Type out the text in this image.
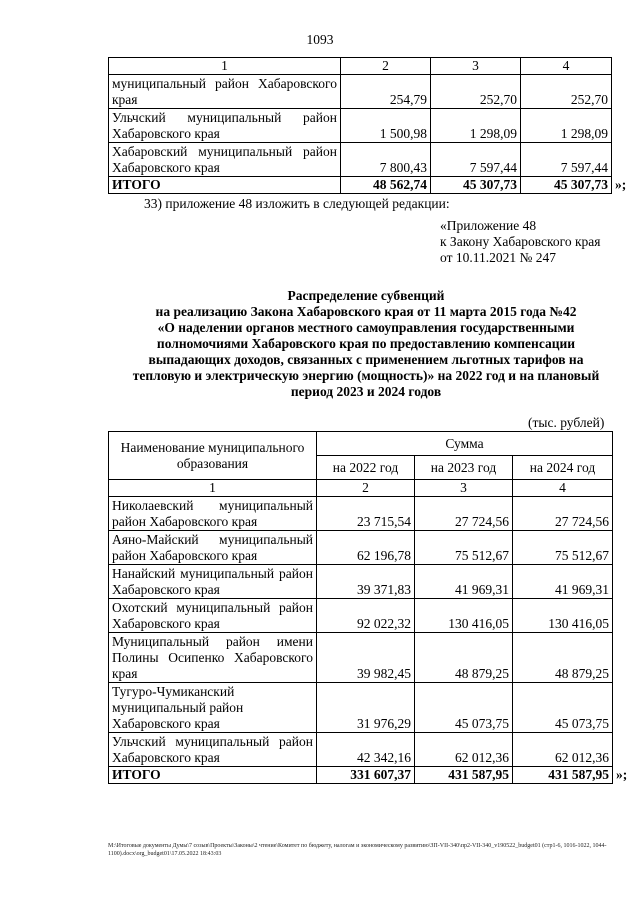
1093
1	2	3	4
муниципальный район Хабаровского края	254,79	252,70	252,70
Ульчский муниципальный район Хабаровского края	1 500,98	1 298,09	1 298,09
Хабаровский муниципальный район Хабаровского края	7 800,43	7 597,44	7 597,44
ИТОГО	48 562,74	45 307,73	45 307,73 »;
33) приложение 48 изложить в следующей редакции:
«Приложение 48
к Закону Хабаровского края
от 10.11.2021 № 247
Распределение субвенций
на реализацию Закона Хабаровского края от 11 марта 2015 года №42
«О наделении органов местного самоуправления государственными
полномочиями Хабаровского края по предоставлению компенсации
выпадающих доходов, связанных с применением льготных тарифов на
тепловую и электрическую энергию (мощность)» на 2022 год и на плановый
период 2023 и 2024 годов
(тыс. рублей)
Наименование муниципального образования	Сумма		
	на 2022 год	на 2023 год	на 2024 год
1	2	3	4
Николаевский муниципальный район Хабаровского края	23 715,54	27 724,56	27 724,56
Аяно-Майский муниципальный район Хабаровского края	62 196,78	75 512,67	75 512,67
Нанайский муниципальный район Хабаровского края	39 371,83	41 969,31	41 969,31
Охотский муниципальный район Хабаровского края	92 022,32	130 416,05	130 416,05
Муниципальный район имени Полины Осипенко Хабаровского края	39 982,45	48 879,25	48 879,25
Тугуро-Чумиканский муниципальный район Хабаровского края	31 976,29	45 073,75	45 073,75
Ульчский муниципальный район Хабаровского края	42 342,16	62 012,36	62 012,36
ИТОГО	331 607,37	431 587,95	431 587,95 »;
M:\Итоговые документы Думы\7 созыв\Проекты\Законы\2 чтение\Комитет по бюджету, налогам и экономическому развитию\ЗП-VII-340\пр2-VII-340_v190522_budget01 (стр1-6, 1016-1022, 1044-1100).docx\org_budget01\17.05.2022 18:43:03
